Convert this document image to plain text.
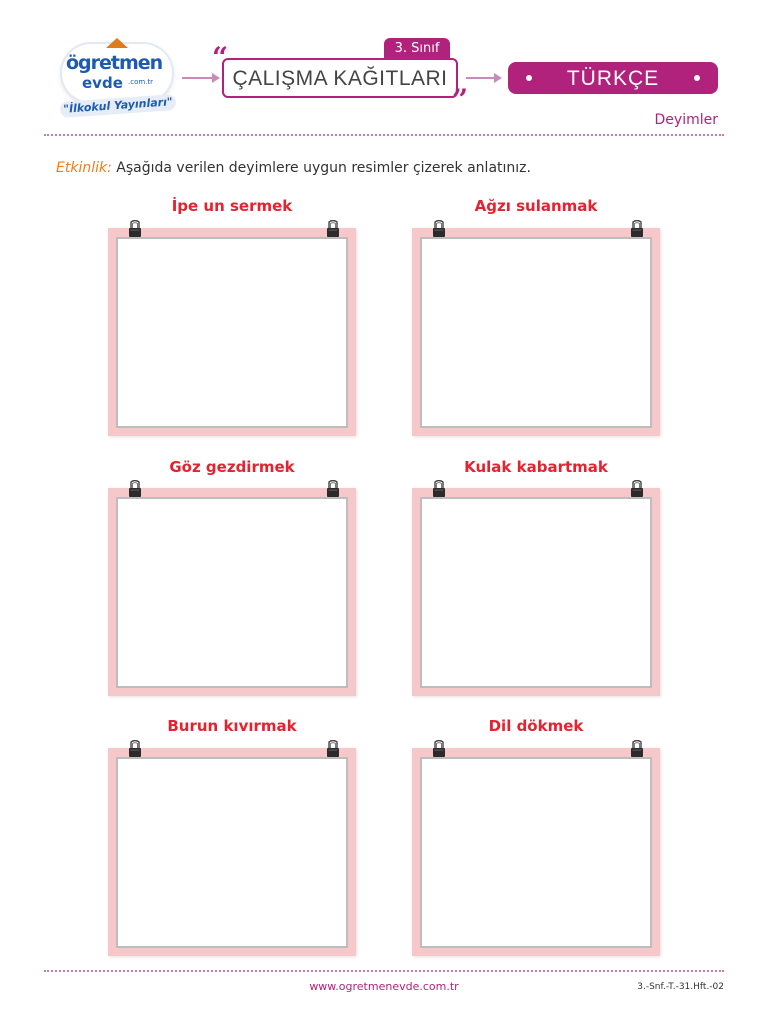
ögretmen
evde .com.tr
"İlkokul Yayınları"
“	3. Sınıf
ÇALIŞMA KAĞITLARI
”
TÜRKÇE
Deyimler
Etkinlik: Aşağıda verilen deyimlere uygun resimler çizerek anlatınız.
İpe un sermek	Ağzı sulanmak
Göz gezdirmek	Kulak kabartmak
Burun kıvırmak	Dil dökmek
www.ogretmenevde.com.tr	3.-Snf.-T.-31.Hft.-02
